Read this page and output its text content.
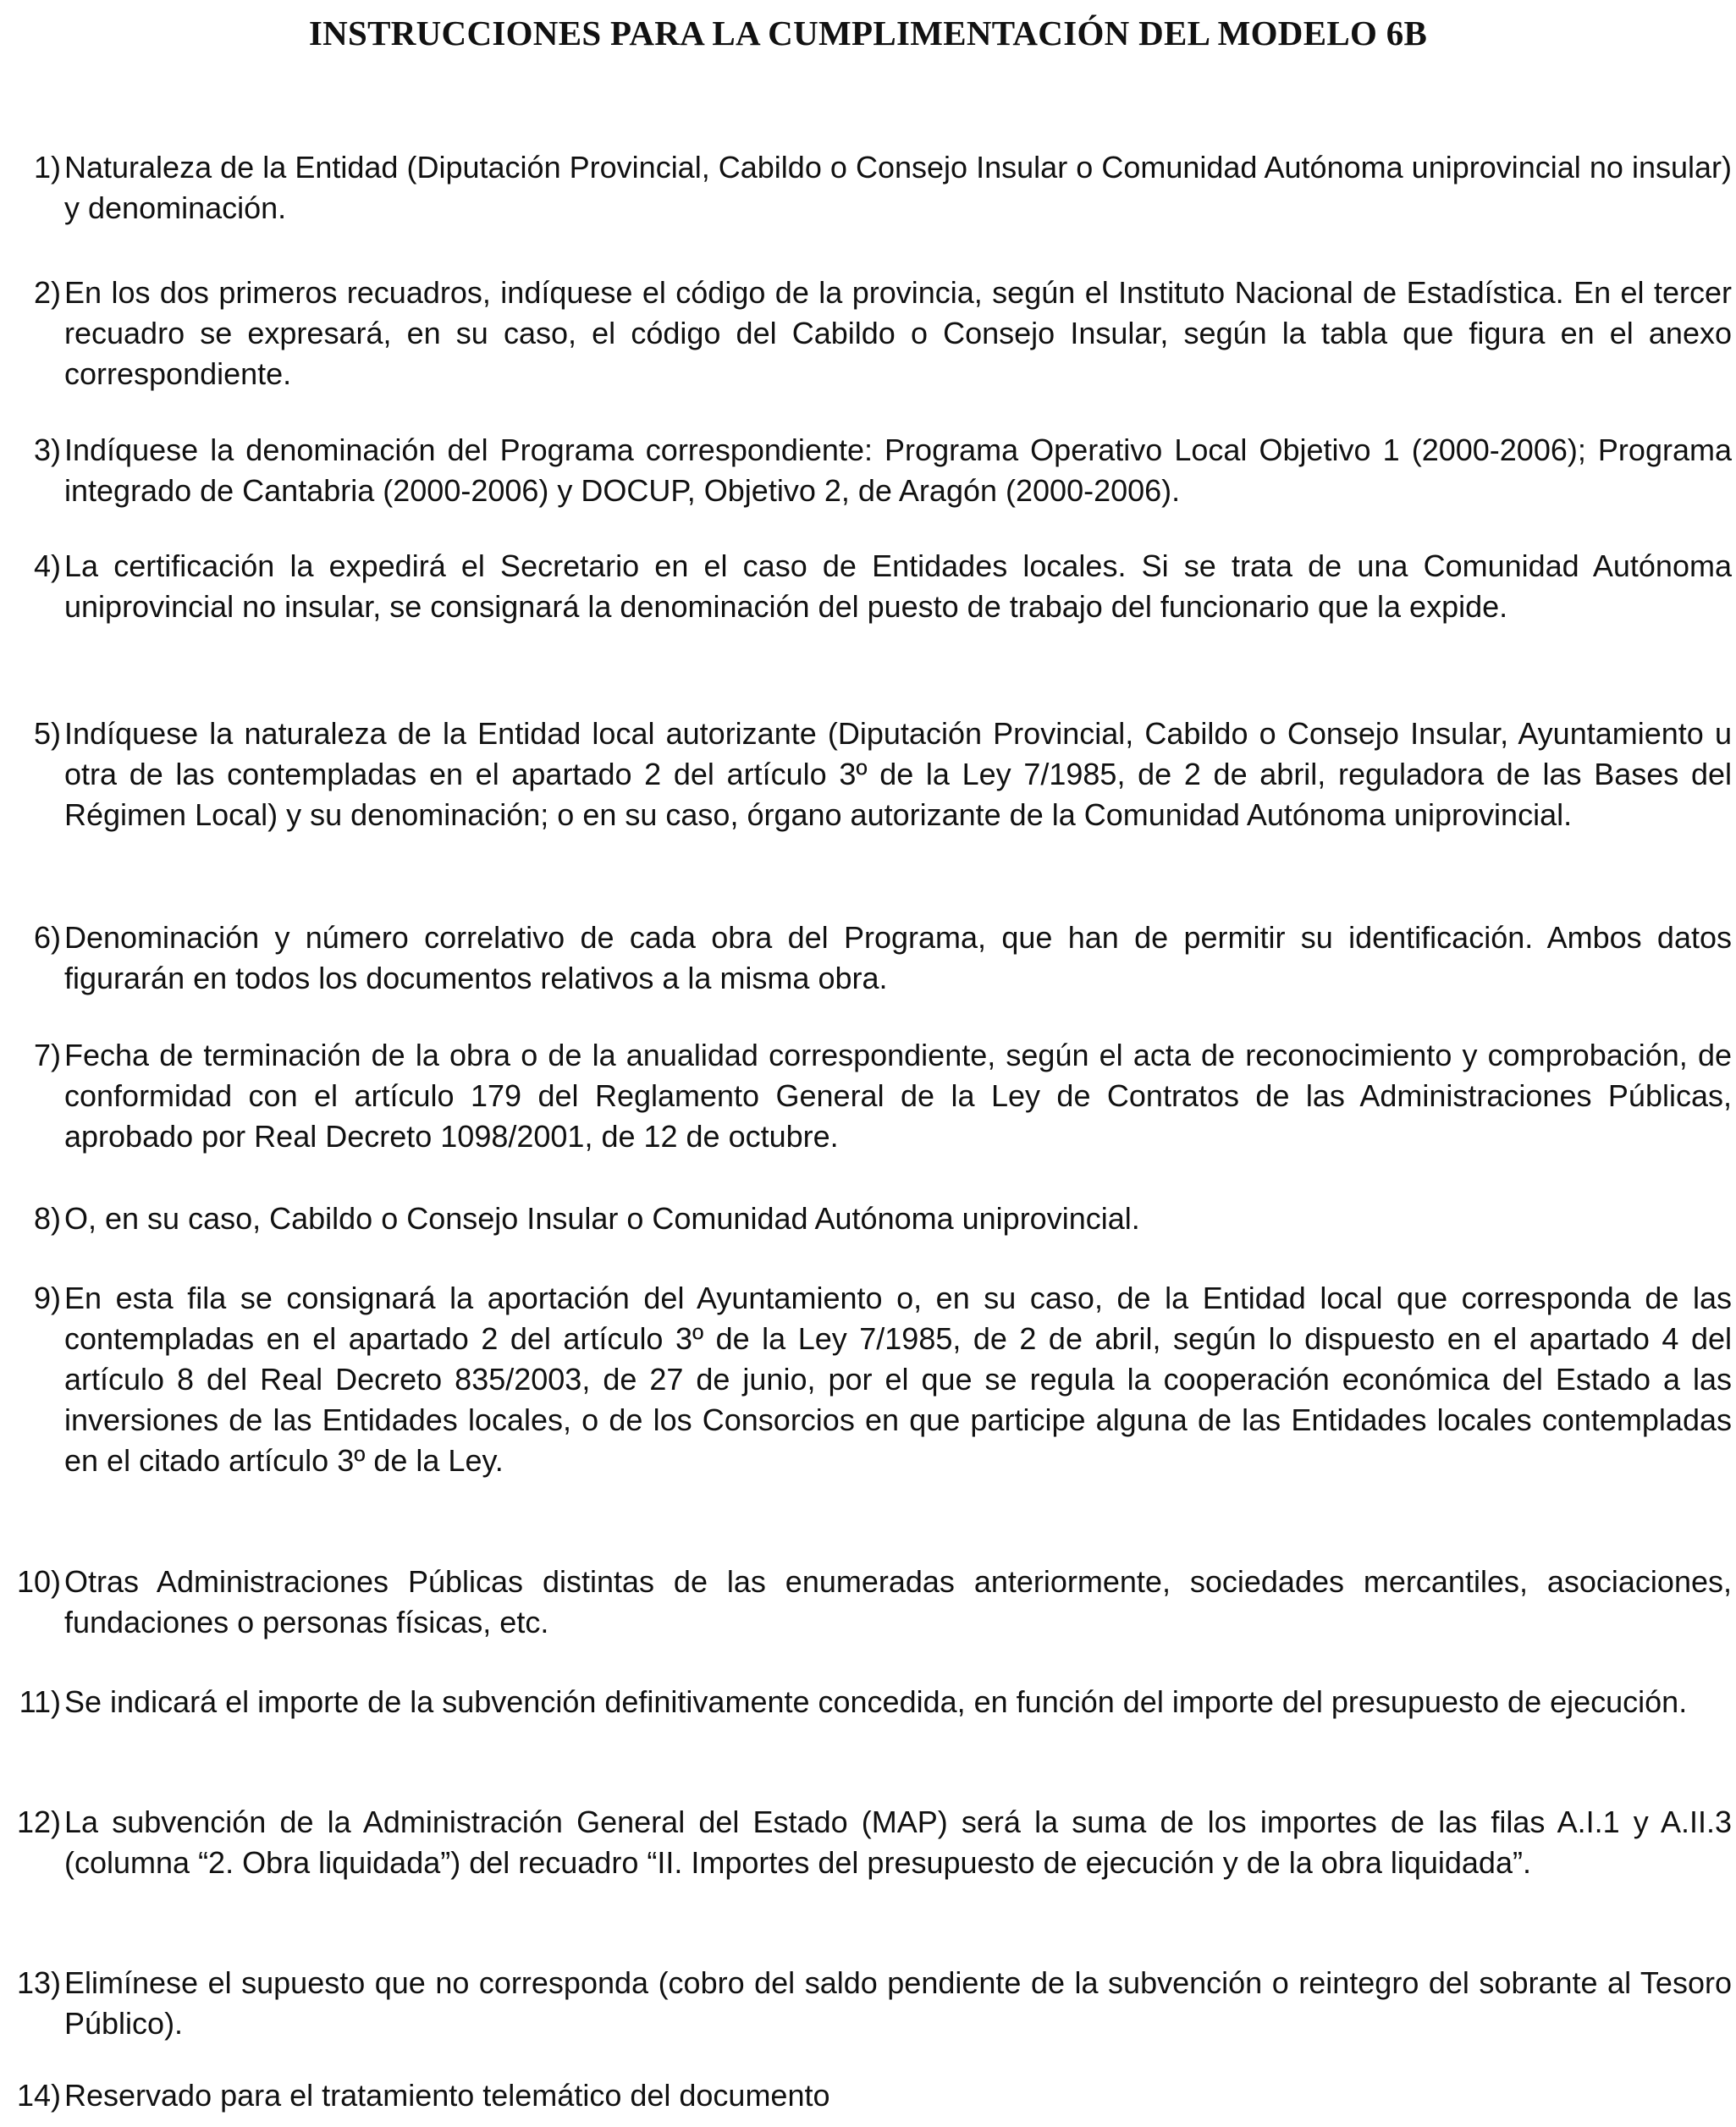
INSTRUCCIONES PARA LA CUMPLIMENTACIÓN DEL MODELO 6B
1) Naturaleza de la Entidad (Diputación Provincial, Cabildo o Consejo Insular o Comunidad Autónoma uniprovincial no insular) y denominación.
2) En los dos primeros recuadros, indíquese el código de la provincia, según el Instituto Nacional de Estadística. En el tercer recuadro se expresará, en su caso, el código del Cabildo o Consejo Insular, según la tabla que figura en el anexo correspondiente.
3) Indíquese la denominación del Programa correspondiente: Programa Operativo Local Objetivo 1 (2000-2006); Programa integrado de Cantabria (2000-2006) y DOCUP, Objetivo 2, de Aragón (2000-2006).
4) La certificación la expedirá el Secretario en el caso de Entidades locales. Si se trata de una Comunidad Autónoma uniprovincial no insular, se consignará la denominación del puesto de trabajo del funcionario que la expide.
5) Indíquese la naturaleza de la Entidad local autorizante (Diputación Provincial, Cabildo o Consejo Insular, Ayuntamiento u otra de las contempladas en el apartado 2 del artículo 3º de la Ley 7/1985, de 2 de abril, reguladora de las Bases del Régimen Local) y su denominación; o en su caso, órgano autorizante de la Comunidad Autónoma uniprovincial.
6) Denominación y número correlativo de cada obra del Programa, que han de permitir su identificación. Ambos datos figurarán en todos los documentos relativos a la misma obra.
7) Fecha de terminación de la obra o de la anualidad correspondiente, según el acta de reconocimiento y comprobación, de conformidad con el artículo 179 del Reglamento General de la Ley de Contratos de las Administraciones Públicas, aprobado por Real Decreto 1098/2001, de 12 de octubre.
8) O, en su caso, Cabildo o Consejo Insular o Comunidad Autónoma uniprovincial.
9) En esta fila se consignará la aportación del Ayuntamiento o, en su caso, de la Entidad local que corresponda de las contempladas en el apartado 2 del artículo 3º de la Ley 7/1985, de 2 de abril, según lo dispuesto en el apartado 4 del artículo 8 del Real Decreto 835/2003, de 27 de junio, por el que se regula la cooperación económica del Estado a las inversiones de las Entidades locales, o de los Consorcios en que participe alguna de las Entidades locales contempladas en el citado artículo 3º de la Ley.
10) Otras Administraciones Públicas distintas de las enumeradas anteriormente, sociedades mercantiles, asociaciones, fundaciones o personas físicas, etc.
11) Se indicará el importe de la subvención definitivamente concedida, en función del importe del presupuesto de ejecución.
12) La subvención de la Administración General del Estado (MAP) será la suma de los importes de las filas A.I.1 y A.II.3 (columna “2. Obra liquidada”) del recuadro “II. Importes del presupuesto de ejecución y de la obra liquidada”.
13) Elimínese el supuesto que no corresponda (cobro del saldo pendiente de la subvención o reintegro del sobrante al Tesoro Público).
14) Reservado para el tratamiento telemático del documento
